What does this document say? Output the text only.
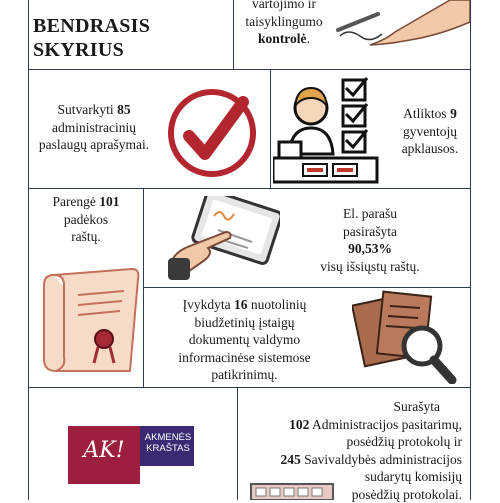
BENDRASIS
SKYRIUS
vartojimo ir
taisyklingumo
kontrolė.
Sutvarkyti 85
administracinių
paslaugų aprašymai.
Atliktos 9
gyventojų
apklausos.
Parengė 101
padėkos
raštų.
El. parašu
pasirašyta
90,53%
visų išsiųstų raštų.
Įvykdyta 16 nuotolinių
biudžetinių įstaigų
dokumentų valdymo
informacinėse sistemose
patikrinimų.
AK!
AKMENĖS
KRAŠTAS
Surašyta
102 Administracijos pasitarimų,
posėdžių protokolų ir
245 Savivaldybės administracijos
sudarytų komisijų
posėdžių protokolai.
